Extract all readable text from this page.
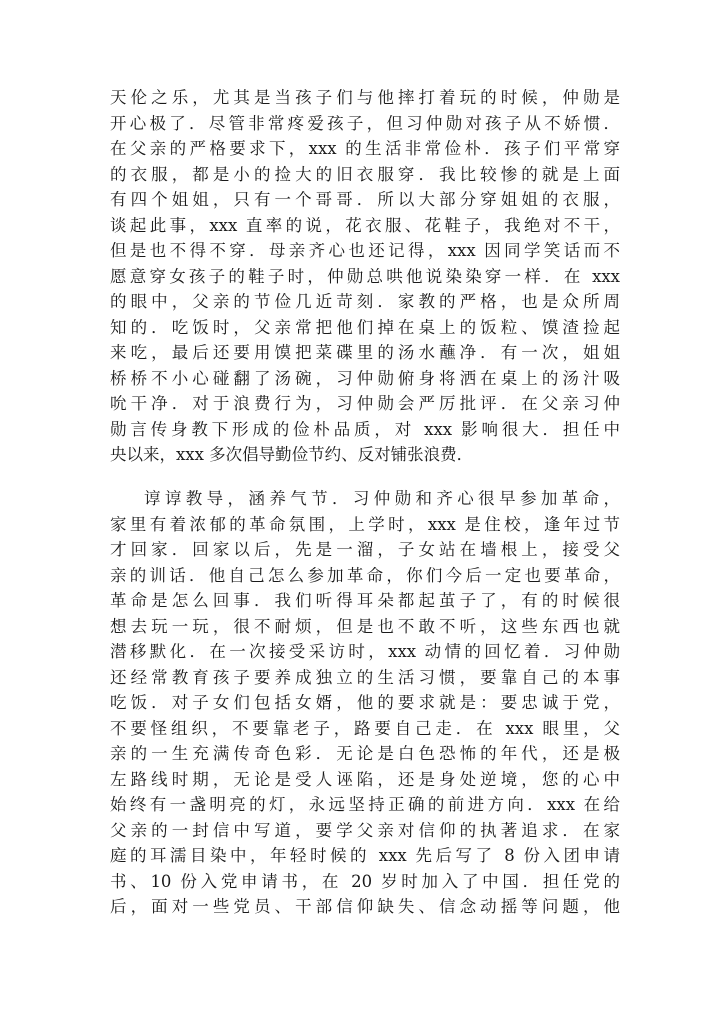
天伦之乐，尤其是当孩子们与他摔打着玩的时候，仲勋是
开心极了．尽管非常疼爱孩子，但习仲勋对孩子从不娇惯．
在父亲的严格要求下，xxx 的生活非常俭朴．孩子们平常穿
的衣服，都是小的捡大的旧衣服穿．我比较惨的就是上面
有四个姐姐，只有一个哥哥．所以大部分穿姐姐的衣服，
谈起此事，xxx 直率的说，花衣服、花鞋子，我绝对不干，
但是也不得不穿．母亲齐心也还记得，xxx 因同学笑话而不
愿意穿女孩子的鞋子时，仲勋总哄他说染染穿一样．在 xxx
的眼中，父亲的节俭几近苛刻．家教的严格，也是众所周
知的．吃饭时，父亲常把他们掉在桌上的饭粒、馍渣捡起
来吃，最后还要用馍把菜碟里的汤水蘸净．有一次，姐姐
桥桥不小心碰翻了汤碗，习仲勋俯身将洒在桌上的汤汁吸
吮干净．对于浪费行为，习仲勋会严厉批评．在父亲习仲
勋言传身教下形成的俭朴品质，对 xxx 影响很大．担任中
央以来，xxx 多次倡导勤俭节约、反对铺张浪费．
谆谆教导，涵养气节．习仲勋和齐心很早参加革命，
家里有着浓郁的革命氛围，上学时，xxx 是住校，逢年过节
才回家．回家以后，先是一溜，子女站在墙根上，接受父
亲的训话．他自己怎么参加革命，你们今后一定也要革命，
革命是怎么回事．我们听得耳朵都起茧子了，有的时候很
想去玩一玩，很不耐烦，但是也不敢不听，这些东西也就
潜移默化．在一次接受采访时，xxx 动情的回忆着．习仲勋
还经常教育孩子要养成独立的生活习惯，要靠自己的本事
吃饭．对子女们包括女婿，他的要求就是：要忠诚于党，
不要怪组织，不要靠老子，路要自己走．在 xxx 眼里，父
亲的一生充满传奇色彩．无论是白色恐怖的年代，还是极
左路线时期，无论是受人诬陷，还是身处逆境，您的心中
始终有一盏明亮的灯，永远坚持正确的前进方向．xxx 在给
父亲的一封信中写道，要学父亲对信仰的执著追求．在家
庭的耳濡目染中，年轻时候的 xxx 先后写了 8 份入团申请
书、10 份入党申请书，在 20 岁时加入了中国．担任党的
后，面对一些党员、干部信仰缺失、信念动摇等问题，他
